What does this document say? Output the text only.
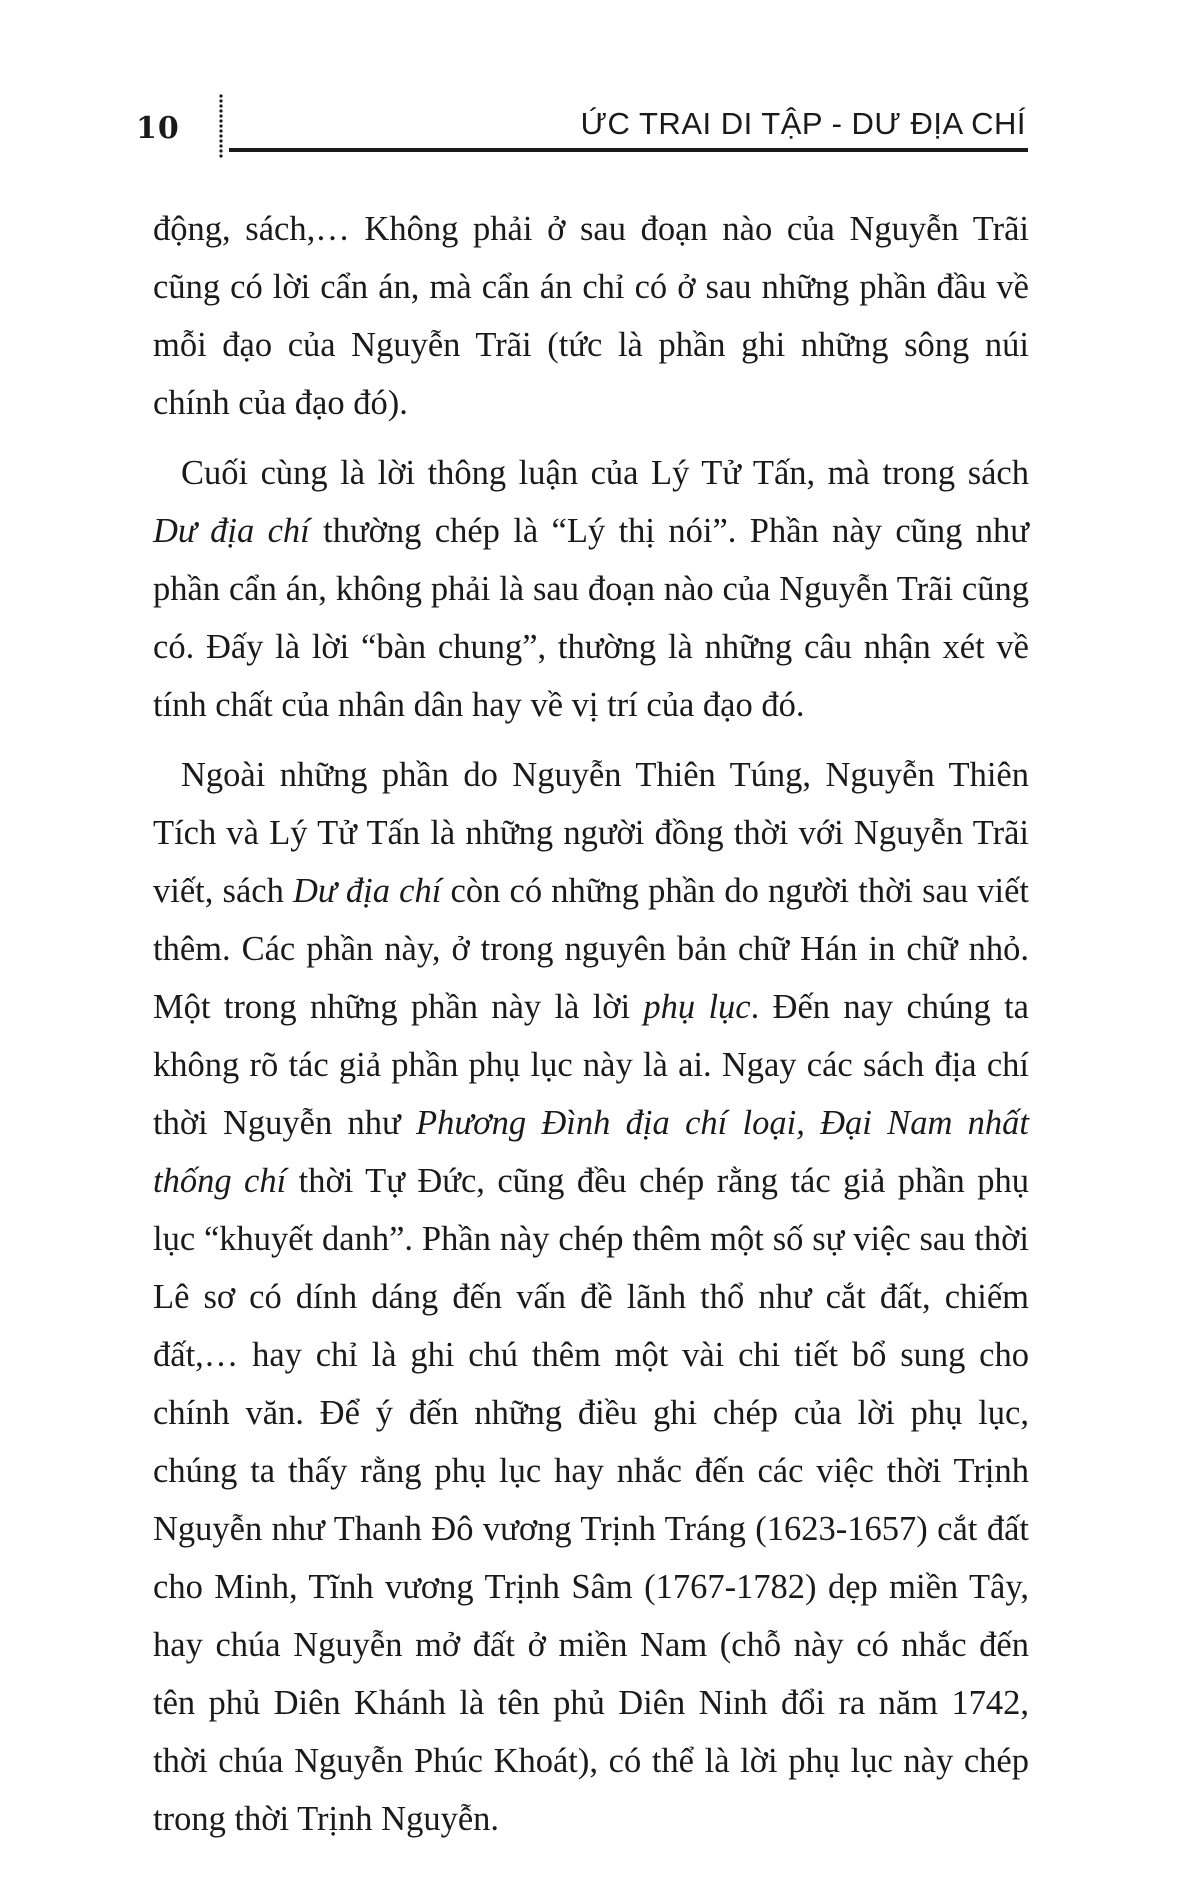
10	ỨC TRAI DI TẬP - DƯ ĐỊA CHÍ

động, sách,… Không phải ở sau đoạn nào của Nguyễn Trãi cũng có lời cẩn án, mà cẩn án chỉ có ở sau những phần đầu về mỗi đạo của Nguyễn Trãi (tức là phần ghi những sông núi chính của đạo đó).

Cuối cùng là lời thông luận của Lý Tử Tấn, mà trong sách Dư địa chí thường chép là “Lý thị nói”. Phần này cũng như phần cẩn án, không phải là sau đoạn nào của Nguyễn Trãi cũng có. Đấy là lời “bàn chung”, thường là những câu nhận xét về tính chất của nhân dân hay về vị trí của đạo đó.

Ngoài những phần do Nguyễn Thiên Túng, Nguyễn Thiên Tích và Lý Tử Tấn là những người đồng thời với Nguyễn Trãi viết, sách Dư địa chí còn có những phần do người thời sau viết thêm. Các phần này, ở trong nguyên bản chữ Hán in chữ nhỏ. Một trong những phần này là lời phụ lục. Đến nay chúng ta không rõ tác giả phần phụ lục này là ai. Ngay các sách địa chí thời Nguyễn như Phương Đình địa chí loại, Đại Nam nhất thống chí thời Tự Đức, cũng đều chép rằng tác giả phần phụ lục “khuyết danh”. Phần này chép thêm một số sự việc sau thời Lê sơ có dính dáng đến vấn đề lãnh thổ như cắt đất, chiếm đất,… hay chỉ là ghi chú thêm một vài chi tiết bổ sung cho chính văn. Để ý đến những điều ghi chép của lời phụ lục, chúng ta thấy rằng phụ lục hay nhắc đến các việc thời Trịnh Nguyễn như Thanh Đô vương Trịnh Tráng (1623-1657) cắt đất cho Minh, Tĩnh vương Trịnh Sâm (1767-1782) dẹp miền Tây, hay chúa Nguyễn mở đất ở miền Nam (chỗ này có nhắc đến tên phủ Diên Khánh là tên phủ Diên Ninh đổi ra năm 1742, thời chúa Nguyễn Phúc Khoát), có thể là lời phụ lục này chép trong thời Trịnh Nguyễn.
